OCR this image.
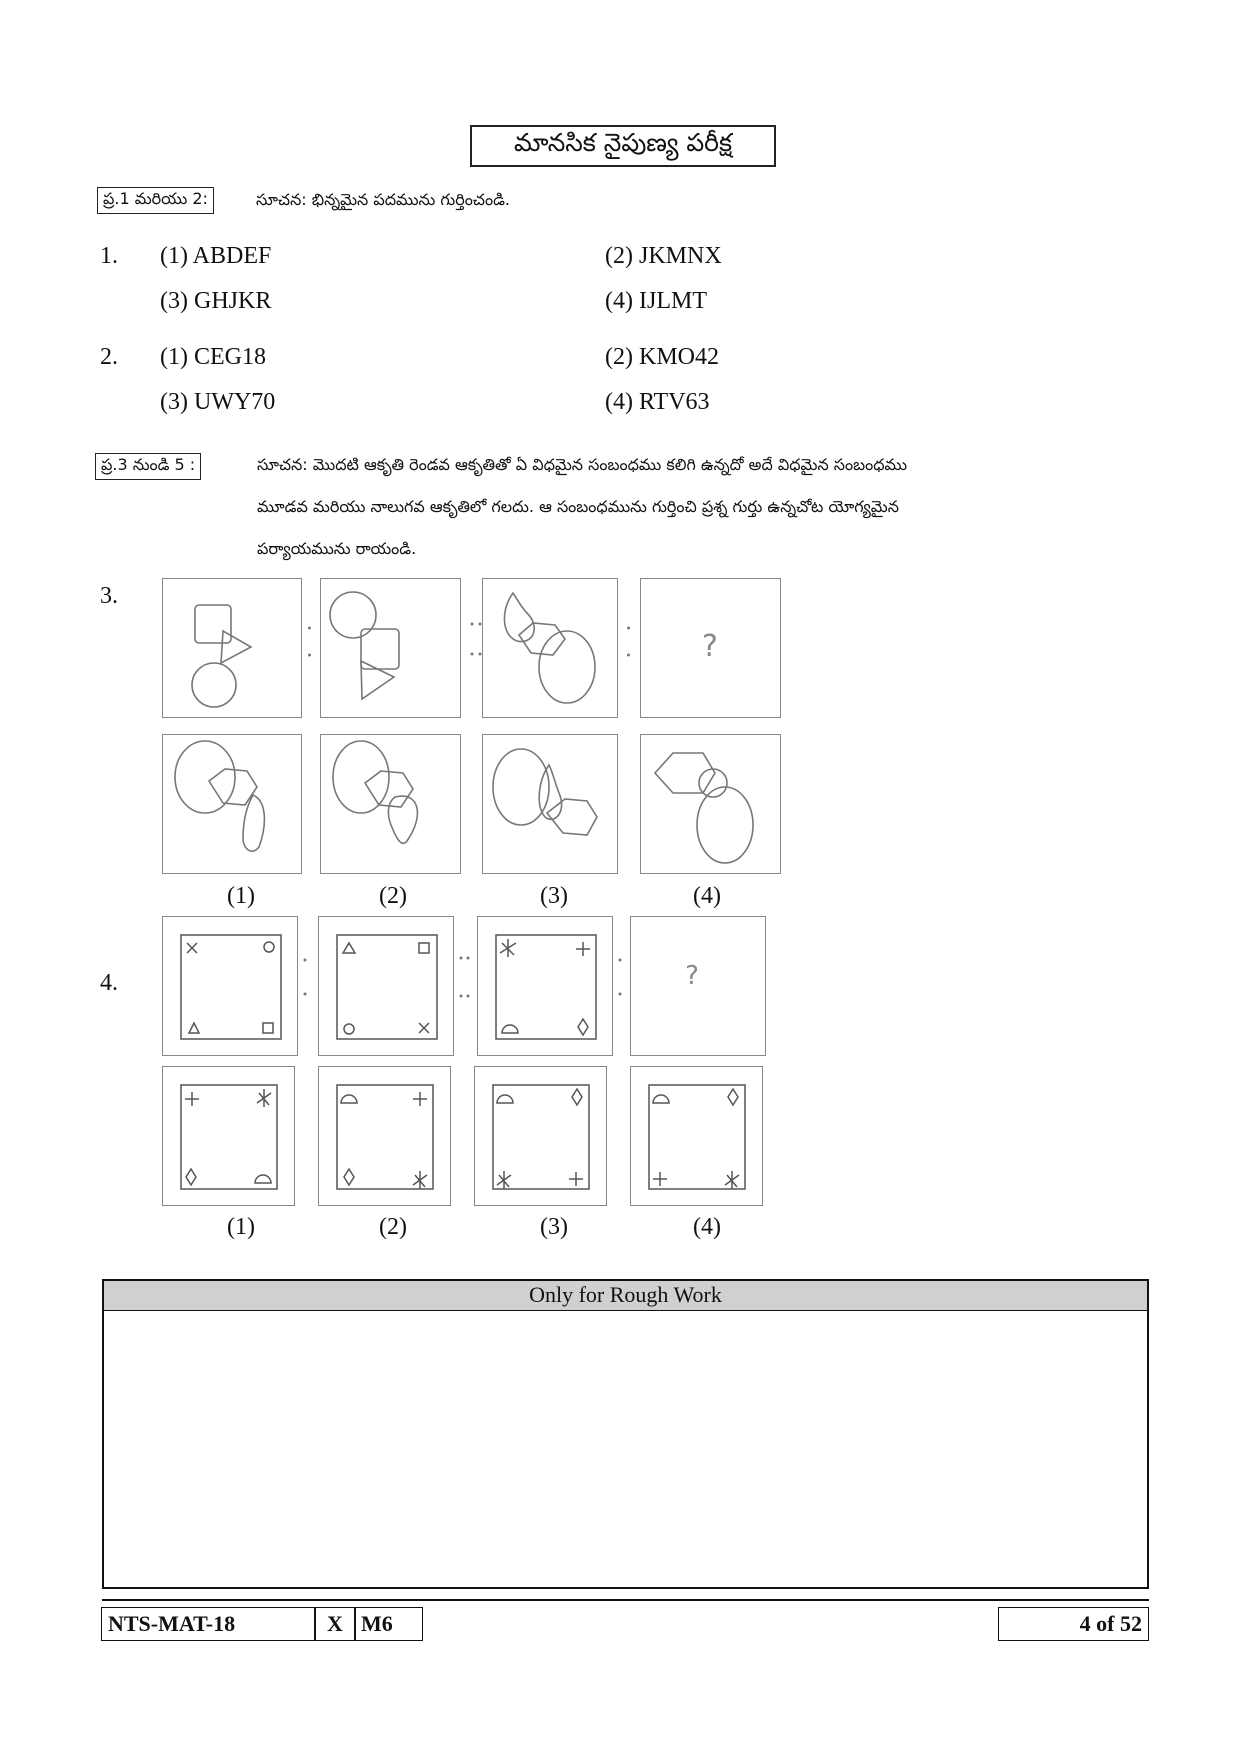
మానసిక నైపుణ్య పరీక్ష
ప్ర.1 మరియు 2:	సూచన: భిన్నమైన పదమును గుర్తించండి.
1. (1) ABDEF	(2) JKMNX
(3) GHJKR	(4) IJLMT
2. (1) CEG18	(2) KMO42
(3) UWY70	(4) RTV63
ప్ర.3 నుండి 5 :	సూచన: మొదటి ఆకృతి రెండవ ఆకృతితో ఏ విధమైన సంబంధము కలిగి ఉన్నదో అదే విధమైన సంబంధము
మూడవ మరియు నాలుగవ ఆకృతిలో గలదు. ఆ సంబంధమును గుర్తించి ప్రశ్న గుర్తు ఉన్నచోట యోగ్యమైన
పర్యాయమును రాయండి.
3.
?
(1)	(2)	(3)	(4)
4.	?
(1)	(2)	(3)	(4)
Only for Rough Work
NTS-MAT-18	X M6	4 of 52
